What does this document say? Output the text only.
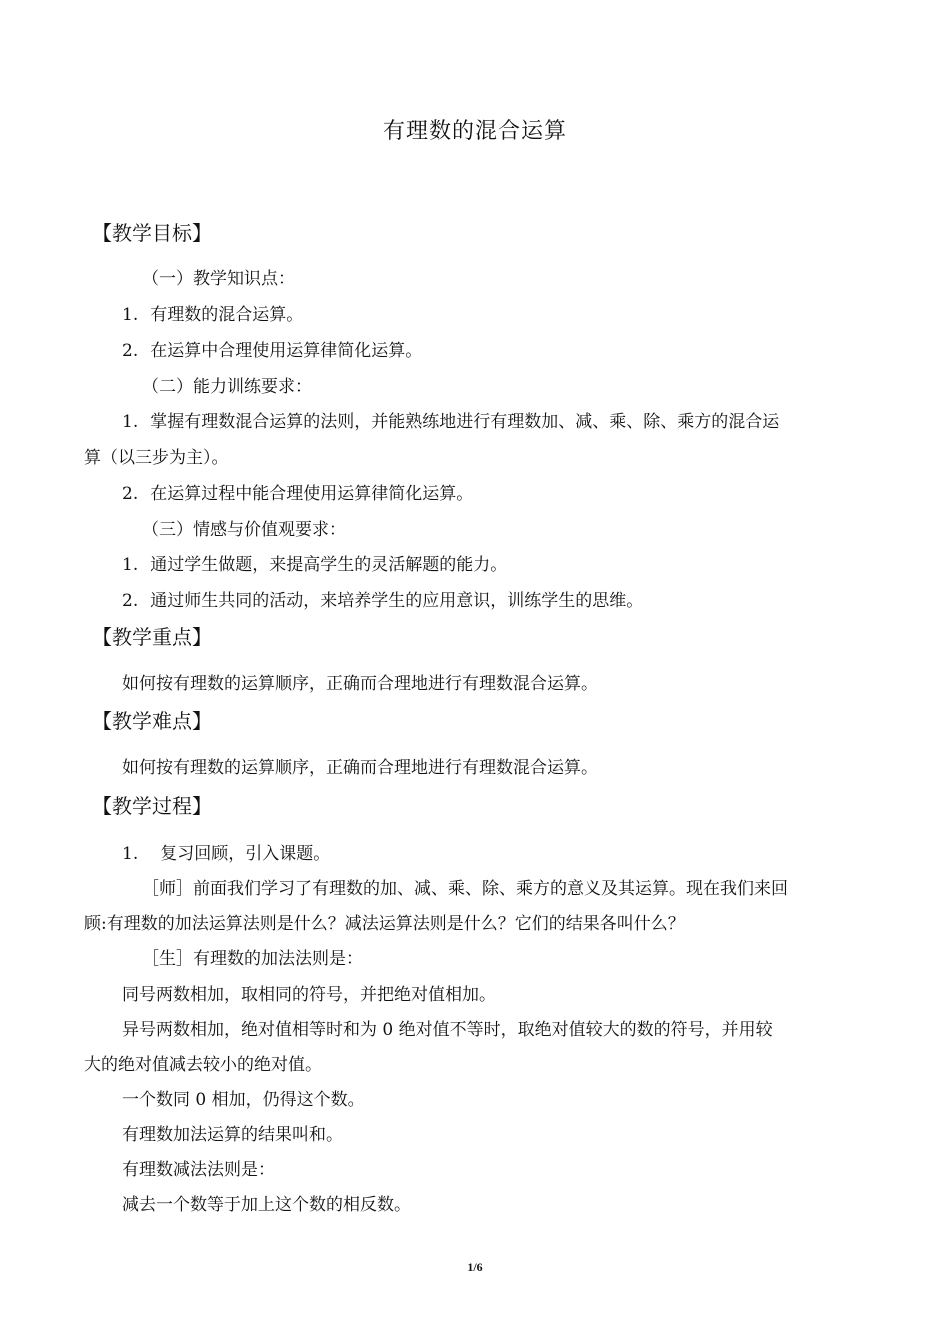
有理数的混合运算
【教学目标】
（一）教学知识点：
1. 有理数的混合运算。
2. 在运算中合理使用运算律简化运算。
（二）能力训练要求：
1. 掌握有理数混合运算的法则，并能熟练地进行有理数加、减、乘、除、乘方的混合运
算（以三步为主）。
2. 在运算过程中能合理使用运算律简化运算。
（三）情感与价值观要求：
1. 通过学生做题，来提高学生的灵活解题的能力。
2. 通过师生共同的活动，来培养学生的应用意识，训练学生的思维。
【教学重点】
如何按有理数的运算顺序，正确而合理地进行有理数混合运算。
【教学难点】
如何按有理数的运算顺序，正确而合理地进行有理数混合运算。
【教学过程】
1. 复习回顾，引入课题。
［师］前面我们学习了有理数的加、减、乘、除、乘方的意义及其运算。现在我们来回
顾:有理数的加法运算法则是什么？减法运算法则是什么？它们的结果各叫什么？
［生］有理数的加法法则是：
同号两数相加，取相同的符号，并把绝对值相加。
异号两数相加，绝对值相等时和为 0 绝对值不等时，取绝对值较大的数的符号，并用较
大的绝对值减去较小的绝对值。
一个数同 0 相加，仍得这个数。
有理数加法运算的结果叫和。
有理数减法法则是：
减去一个数等于加上这个数的相反数。
1/6
